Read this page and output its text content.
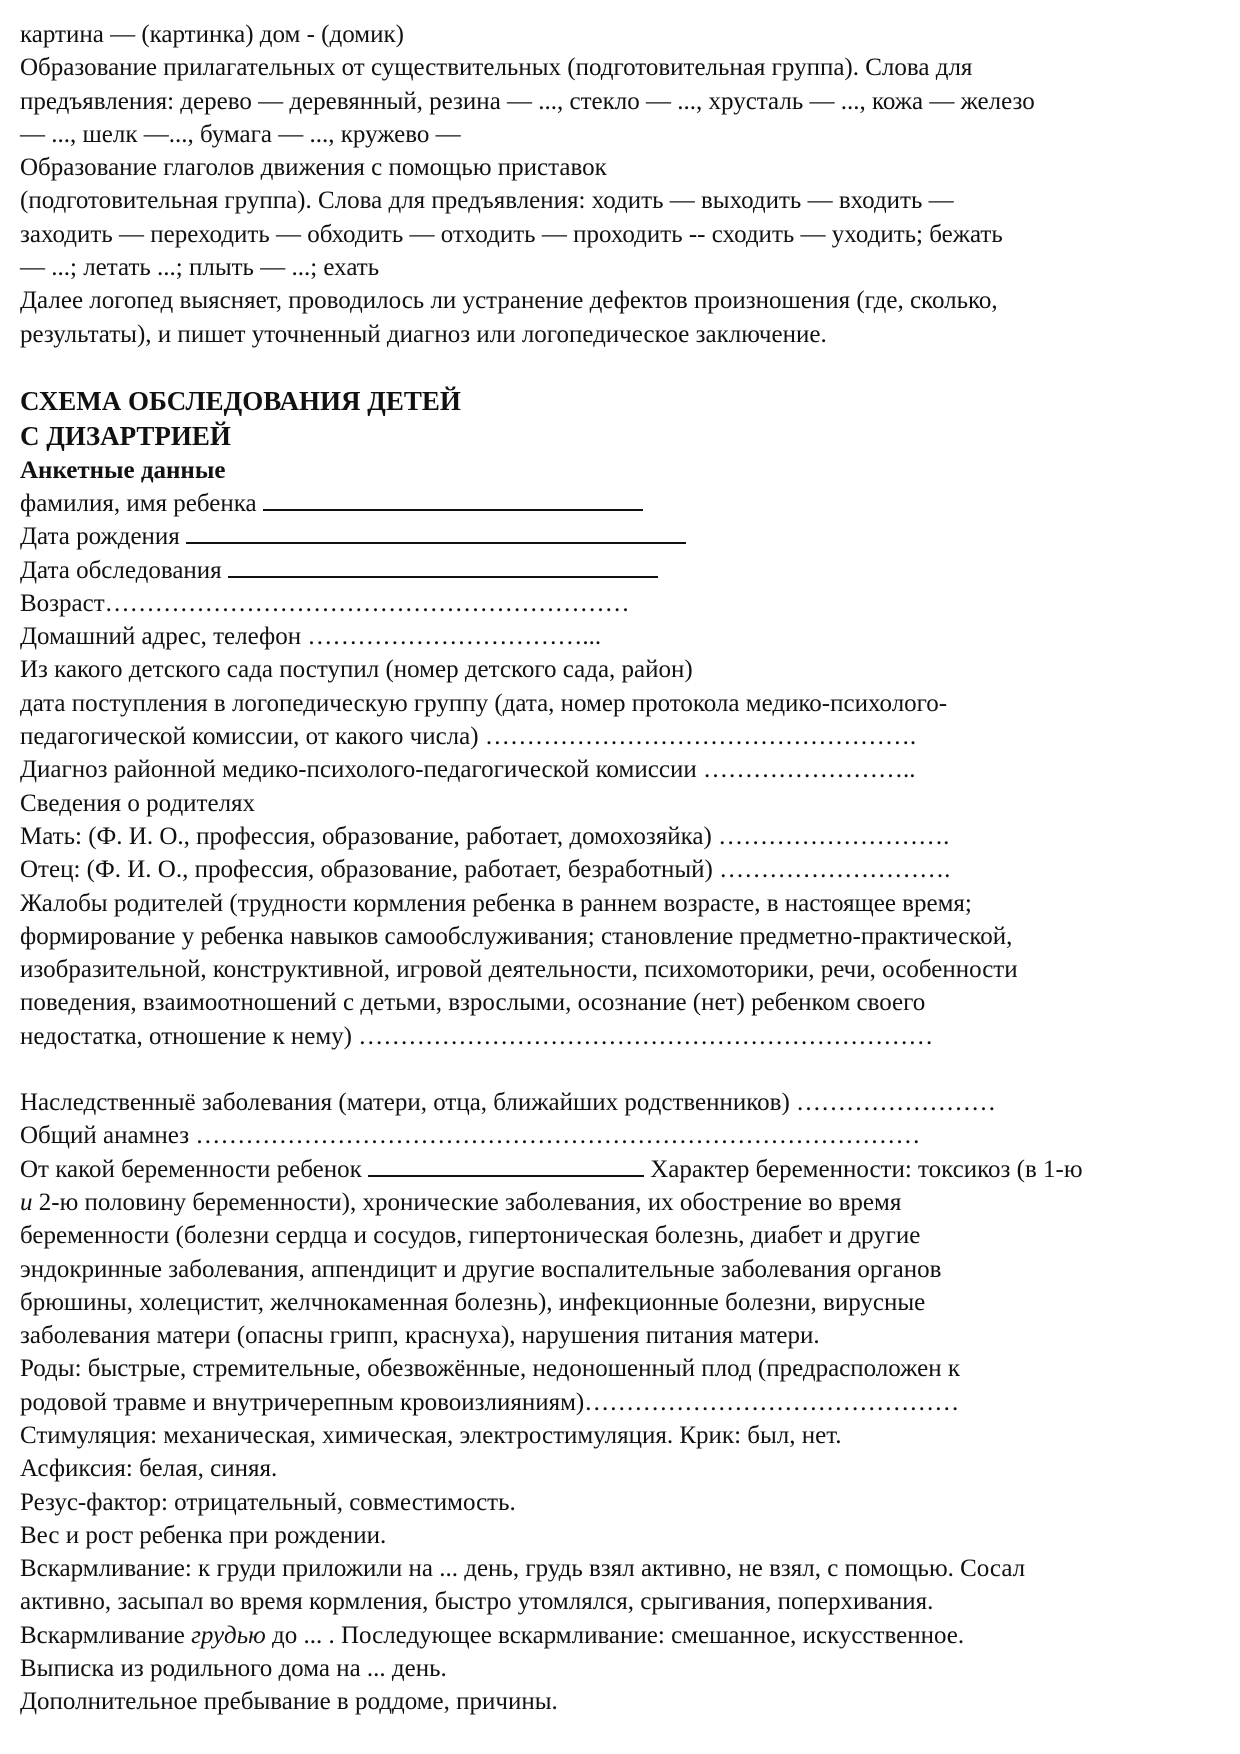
картина — (картинка) дом - (домик)

Образование прилагательных от существительных (подготовительная группа). Слова для

предъявления: дерево — деревянный, резина — ..., стекло — ..., хрусталь — ..., кожа — железо

— ..., шелк —..., бумага — ..., кружево —

Образование глаголов движения с помощью приставок

(подготовительная группа). Слова для предъявления: ходить — выходить — входить —

заходить — переходить — обходить — отходить — проходить -- сходить — уходить; бежать

— ...; летать ...; плыть — ...; ехать

Далее логопед выясняет, проводилось ли устранение дефектов произношения (где, сколько,

результаты), и пишет уточненный диагноз или логопедическое заключение.

СХЕМА ОБСЛЕДОВАНИЯ ДЕТЕЙ
С ДИЗАРТРИЕЙ
Анкетные данные

фамилия, имя ребенка

Дата рождения

Дата обследования

Возраст………………………………………………………

Домашний адрес, телефон ……………………………...

Из какого детского сада поступил (номер детского сада, район)

дата поступления в логопедическую группу (дата, номер протокола медико-психолого-

педагогической комиссии, от какого числа) …………………………………………….

Диагноз районной медико-психолого-педагогической комиссии ……………………..

Сведения о родителях

Мать: (Ф. И. О., профессия, образование, работает, домохозяйка) ……………………….

Отец: (Ф. И. О., профессия, образование, работает, безработный) ……………………….

Жалобы родителей (трудности кормления ребенка в раннем возрасте, в настоящее время;

формирование у ребенка навыков самообслуживания; становление предметно-практической,

изобразительной, конструктивной, игровой деятельности, психомоторики, речи, особенности

поведения, взаимоотношений с детьми, взрослыми, осознание (нет) ребенком своего

недостатка, отношение к нему) ……………………………………………………………

Наследственныё заболевания (матери, отца, ближайших родственников) ……………………

Общий анамнез ……………………………………………………………………………

От какой беременности ребенок	Характер беременности: токсикоз (в 1-ю

и 2-ю половину беременности), хронические заболевания, их обострение во время

беременности (болезни сердца и сосудов, гипертоническая болезнь, диабет и другие

эндокринные заболевания, аппендицит и другие воспалительные заболевания органов

брюшины, холецистит, желчнокаменная болезнь), инфекционные болезни, вирусные

заболевания матери (опасны грипп, краснуха), нарушения питания матери.

Роды: быстрые, стремительные, обезвожённые, недоношенный плод (предрасположен к

родовой травме и внутричерепным кровоизлияниям)………………………………………

Стимуляция: механическая, химическая, электростимуляция. Крик: был, нет.

Асфиксия: белая, синяя.

Резус-фактор: отрицательный, совместимость.

Вес и рост ребенка при рождении.

Вскармливание: к груди приложили на ... день, грудь взял активно, не взял, с помощью. Сосал

активно, засыпал во время кормления, быстро утомлялся, срыгивания, поперхивания.

Вскармливание грудью до ... . Последующее вскармливание: смешанное, искусственное.

Выписка из родильного дома на ... день.

Дополнительное пребывание в роддоме, причины.
